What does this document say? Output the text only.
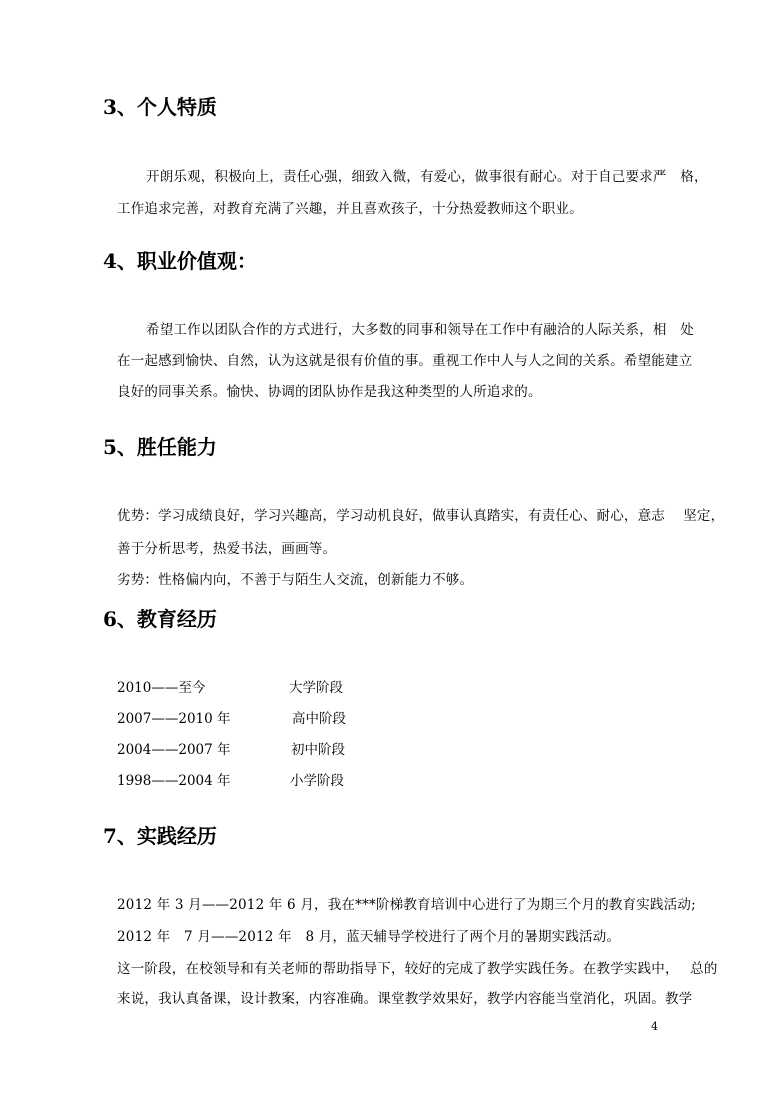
3、个人特质

开朗乐观，积极向上，责任心强，细致入微，有爱心，做事很有耐心。对于自己要求严　格，

工作追求完善，对教育充满了兴趣，并且喜欢孩子，十分热爱教师这个职业。

4、职业价值观：

希望工作以团队合作的方式进行，大多数的同事和领导在工作中有融洽的人际关系，相　处

在一起感到愉快、自然，认为这就是很有价值的事。重视工作中人与人之间的关系。希望能建立

良好的同事关系。愉快、协调的团队协作是我这种类型的人所追求的。

5、胜任能力

优势：学习成绩良好，学习兴趣高，学习动机良好，做事认真踏实，有责任心、耐心，意志　 坚定，

善于分析思考，热爱书法，画画等。

劣势：性格偏内向，不善于与陌生人交流，创新能力不够。

6、教育经历
2010——至今	大学阶段
2007——2010 年	高中阶段
2004——2007 年	初中阶段
1998——2004 年	小学阶段
7、实践经历

2012 年 3 月——2012 年 6 月，我在***阶梯教育培训中心进行了为期三个月的教育实践活动;

2012 年　7 月——2012 年　8 月，蓝天辅导学校进行了两个月的暑期实践活动。

这一阶段，在校领导和有关老师的帮助指导下，较好的完成了教学实践任务。在教学实践中，　 总的

来说，我认真备课，设计教案，内容准确。课堂教学效果好，教学内容能当堂消化，巩固。教学

4
